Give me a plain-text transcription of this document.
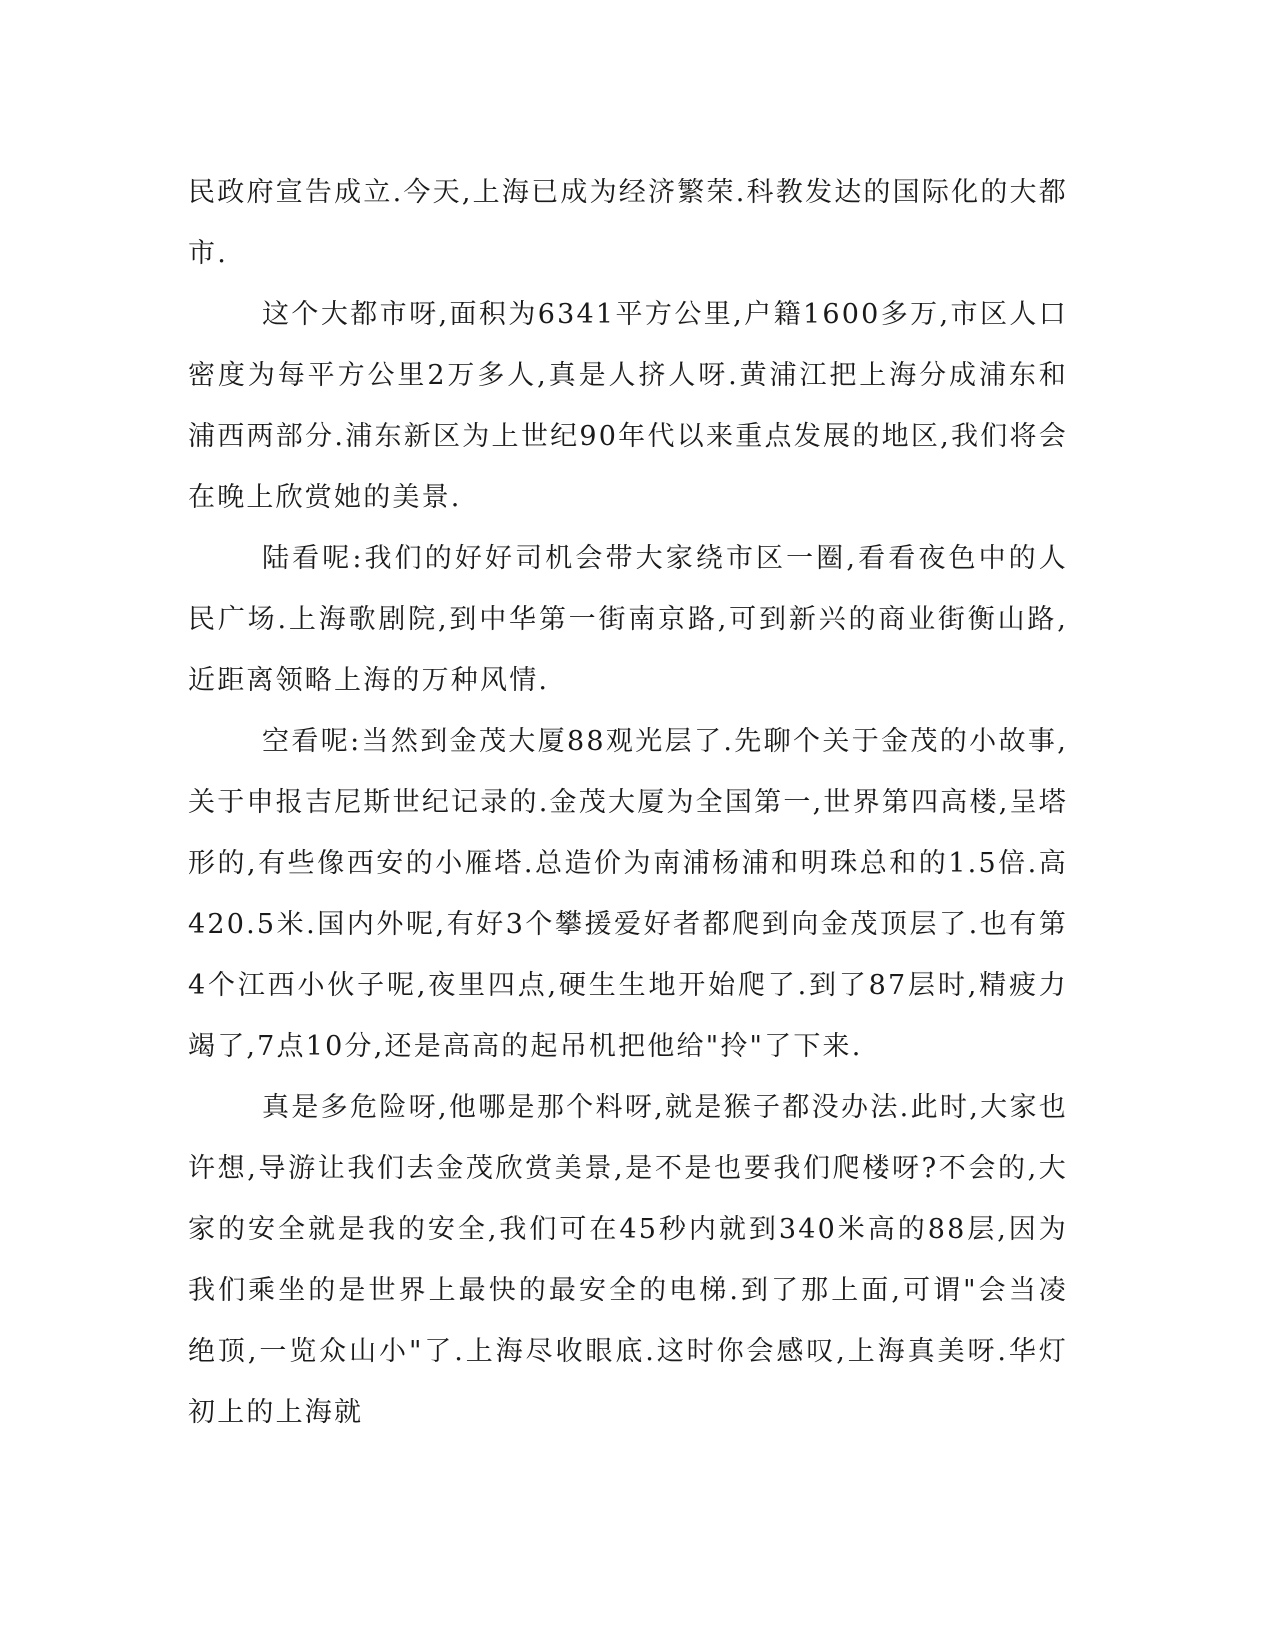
民政府宣告成立.今天,上海已成为经济繁荣.科教发达的国际化的大都市.

这个大都市呀,面积为6341平方公里,户籍1600多万,市区人口密度为每平方公里2万多人,真是人挤人呀.黄浦江把上海分成浦东和浦西两部分.浦东新区为上世纪90年代以来重点发展的地区,我们将会在晚上欣赏她的美景.

陆看呢:我们的好好司机会带大家绕市区一圈,看看夜色中的人民广场.上海歌剧院,到中华第一街南京路,可到新兴的商业街衡山路,近距离领略上海的万种风情.

空看呢:当然到金茂大厦88观光层了.先聊个关于金茂的小故事,关于申报吉尼斯世纪记录的.金茂大厦为全国第一,世界第四高楼,呈塔形的,有些像西安的小雁塔.总造价为南浦杨浦和明珠总和的1.5倍.高420.5米.国内外呢,有好3个攀援爱好者都爬到向金茂顶层了.也有第4个江西小伙子呢,夜里四点,硬生生地开始爬了.到了87层时,精疲力竭了,7点10分,还是高高的起吊机把他给"拎"了下来.

真是多危险呀,他哪是那个料呀,就是猴子都没办法.此时,大家也许想,导游让我们去金茂欣赏美景,是不是也要我们爬楼呀?不会的,大家的安全就是我的安全,我们可在45秒内就到340米高的88层,因为我们乘坐的是世界上最快的最安全的电梯.到了那上面,可谓"会当凌绝顶,一览众山小"了.上海尽收眼底.这时你会感叹,上海真美呀.华灯初上的上海就
